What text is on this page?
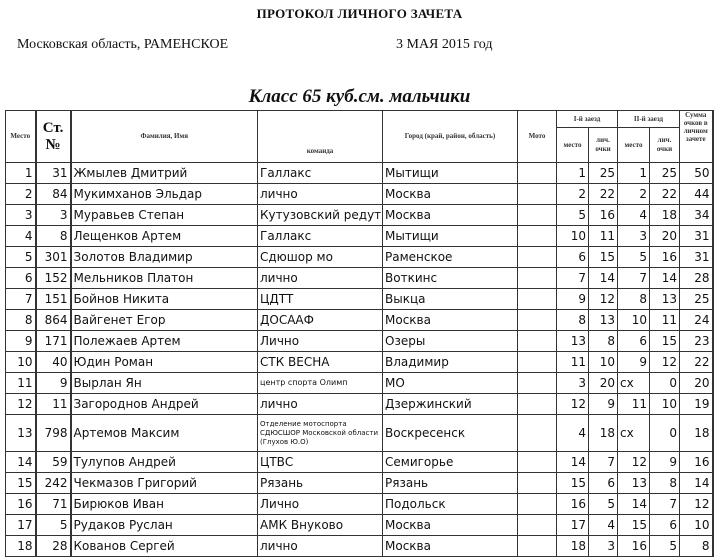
ПРОТОКОЛ ЛИЧНОГО ЗАЧЕТА
Московская область, РАМЕНСКОЕ	3 МАЯ 2015 год
Класс 65 куб.см. мальчики
Место	Ст. №	Фамилия, Имя	команда	Город (край, район, область)	Мото	I-й заезд		II-й заезд		Сумма очков в личном зачете
						место	лич. очки	место	лич. очки	
1	31	Жмылев Дмитрий	Галлакс	Мытищи		1	25	1	25	50
2	84	Мукимханов Эльдар	лично	Москва		2	22	2	22	44
3	3	Муравьев Степан	Кутузовский редут	Москва		5	16	4	18	34
4	8	Лещенков Артем	Галлакс	Мытищи		10	11	3	20	31
5	301	Золотов Владимир	Сдюшор мо	Раменское		6	15	5	16	31
6	152	Мельников Платон	лично	Воткинс		7	14	7	14	28
7	151	Бойнов Никита	ЦДТТ	Выкца		9	12	8	13	25
8	864	Вайгенет Егор	ДОСААФ	Москва		8	13	10	11	24
9	171	Полежаев Артем	Лично	Озеры		13	8	6	15	23
10	40	Юдин Роман	СТК ВЕСНА	Владимир		11	10	9	12	22
11	9	Вырлан Ян	центр спорта Олимп	МО		3	20	сх	0	20
12	11	Загороднов Андрей	лично	Дзержинский		12	9	11	10	19
13	798	Артемов Максим	Отделение мотоспорта СДЮСШОР Московской области (Глухов Ю.О)	Воскресенск		4	18	сх	0	18
14	59	Тулупов Андрей	ЦТВС	Семигорье		14	7	12	9	16
15	242	Чекмазов Григорий	Рязань	Рязань		15	6	13	8	14
16	71	Бирюков Иван	Лично	Подольск		16	5	14	7	12
17	5	Рудаков Руслан	АМК Внуково	Москва		17	4	15	6	10
18	28	Кованов Сергей	лично	Москва		18	3	16	5	8
